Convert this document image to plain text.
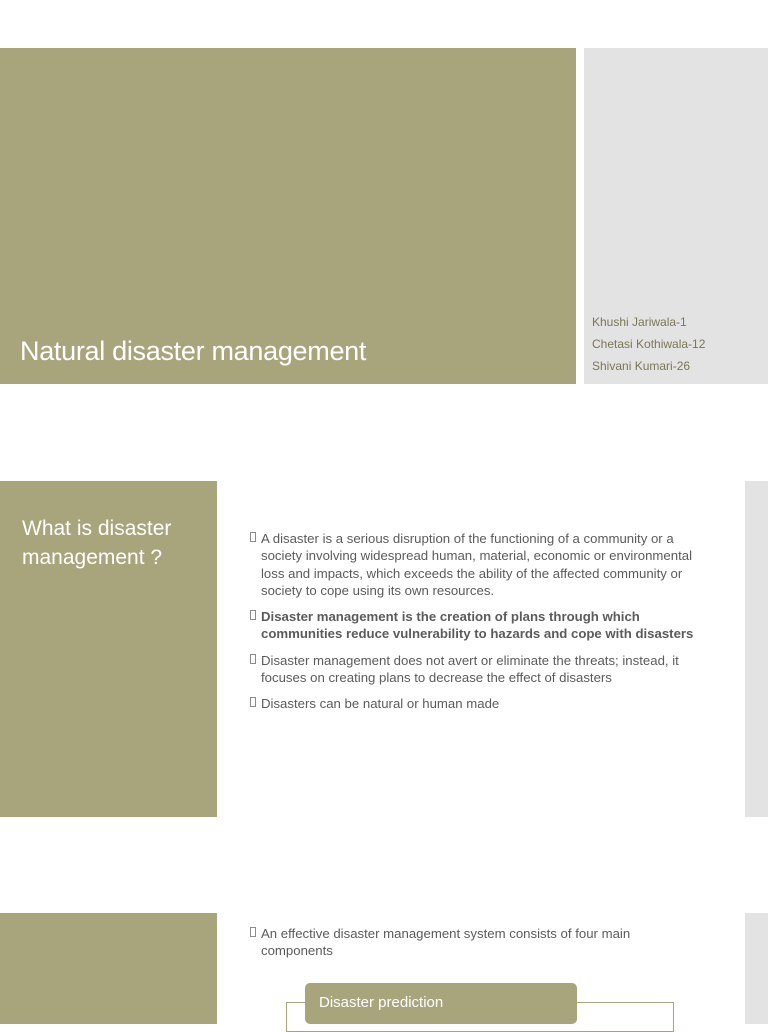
Natural disaster management
Khushi Jariwala-1
Chetasi Kothiwala-12
Shivani Kumari-26
What is disaster management ?
A disaster is a serious disruption of the functioning of a community or a society involving widespread human, material, economic or environmental loss and impacts, which exceeds the ability of the affected community or society to cope using its own resources.
Disaster management is the creation of plans through which communities reduce vulnerability to hazards and cope with disasters
Disaster management does not avert or eliminate the threats; instead, it focuses on creating plans to decrease the effect of disasters
Disasters can be natural or human made
An effective disaster management system consists of four main components
Disaster prediction
